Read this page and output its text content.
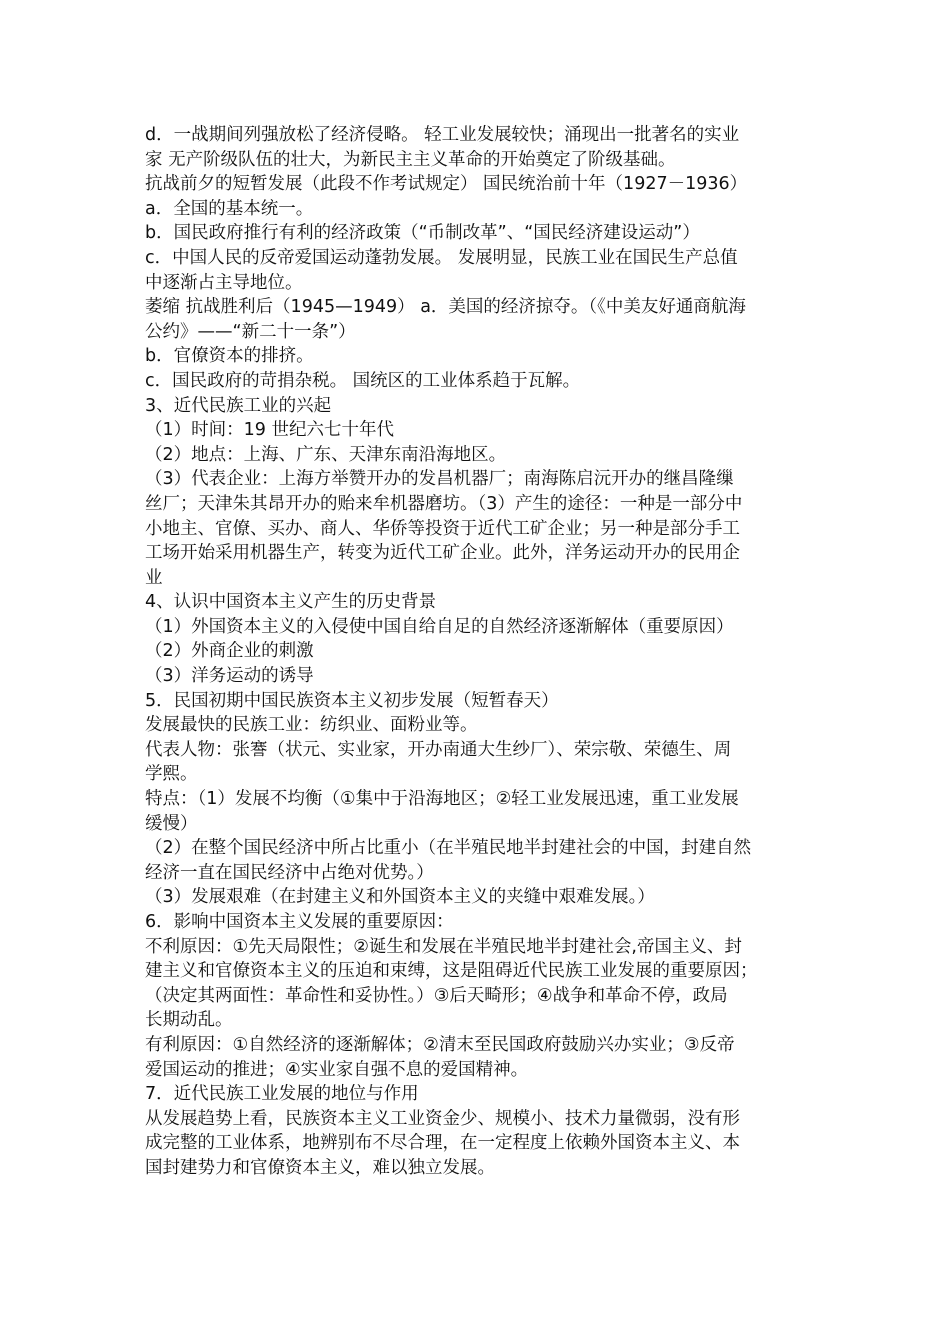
d．一战期间列强放松了经济侵略。 轻工业发展较快；涌现出一批著名的实业
家 无产阶级队伍的壮大，为新民主主义革命的开始奠定了阶级基础。
抗战前夕的短暂发展（此段不作考试规定） 国民统治前十年（1927－1936）
a．全国的基本统一。
b．国民政府推行有利的经济政策（“币制改革”、“国民经济建设运动”）
c．中国人民的反帝爱国运动蓬勃发展。 发展明显，民族工业在国民生产总值
中逐渐占主导地位。
萎缩 抗战胜利后（1945—1949） a．美国的经济掠夺。（《中美友好通商航海
公约》——“新二十一条”）
b．官僚资本的排挤。
c．国民政府的苛捐杂税。 国统区的工业体系趋于瓦解。
3、近代民族工业的兴起
（1）时间：19 世纪六七十年代
（2）地点：上海、广东、天津东南沿海地区。
（3）代表企业：上海方举赞开办的发昌机器厂；南海陈启沅开办的继昌隆缫
丝厂；天津朱其昂开办的贻来牟机器磨坊。（3）产生的途径：一种是一部分中
小地主、官僚、买办、商人、华侨等投资于近代工矿企业；另一种是部分手工
工场开始采用机器生产，转变为近代工矿企业。此外，洋务运动开办的民用企
业
4、认识中国资本主义产生的历史背景
（1）外国资本主义的入侵使中国自给自足的自然经济逐渐解体（重要原因）
（2）外商企业的刺激
（3）洋务运动的诱导
5．民国初期中国民族资本主义初步发展（短暂春天）
发展最快的民族工业：纺织业、面粉业等。
代表人物：张謇（状元、实业家，开办南通大生纱厂）、荣宗敬、荣德生、周
学熙。
特点：（1）发展不均衡（①集中于沿海地区；②轻工业发展迅速，重工业发展
缓慢）
（2）在整个国民经济中所占比重小（在半殖民地半封建社会的中国，封建自然
经济一直在国民经济中占绝对优势。）
（3）发展艰难（在封建主义和外国资本主义的夹缝中艰难发展。）
6．影响中国资本主义发展的重要原因：
不利原因：①先天局限性；②诞生和发展在半殖民地半封建社会,帝国主义、封
建主义和官僚资本主义的压迫和束缚，这是阻碍近代民族工业发展的重要原因；
（决定其两面性：革命性和妥协性。）③后天畸形；④战争和革命不停，政局
长期动乱。
有利原因：①自然经济的逐渐解体；②清末至民国政府鼓励兴办实业；③反帝
爱国运动的推进；④实业家自强不息的爱国精神。
7．近代民族工业发展的地位与作用
从发展趋势上看，民族资本主义工业资金少、规模小、技术力量微弱，没有形
成完整的工业体系，地辨别布不尽合理，在一定程度上依赖外国资本主义、本
国封建势力和官僚资本主义，难以独立发展。
